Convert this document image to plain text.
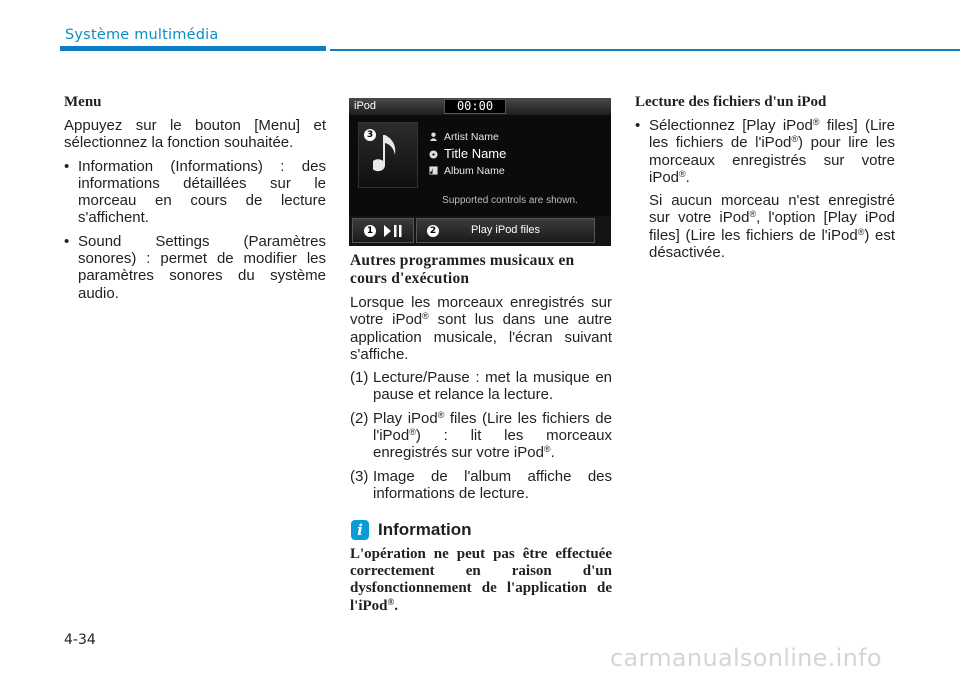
Système multimédia
Menu

Appuyez sur le bouton [Menu] et sélectionnez la fonction souhaitée.

• Information (Informations) : des informations détaillées sur le morceau en cours de lecture s'affichent.
• Sound Settings (Paramètres sonores) : permet de modifier les paramètres sonores du système audio.
iPod	00:00
3	Artist Name
Title Name
Album Name
Supported controls are shown.
1	2	Play iPod files
Autres programmes musicaux en cours d'exécution

Lorsque les morceaux enregistrés sur votre iPod® sont lus dans une autre application musicale, l'écran suivant s'affiche.

(1) Lecture/Pause : met la musique en pause et relance la lecture.
(2) Play iPod® files (Lire les fichiers de l'iPod®) : lit les morceaux enregistrés sur votre iPod®.
(3) Image de l'album affiche des informations de lecture.
i Information
L'opération ne peut pas être effectuée correctement en raison d'un dysfonctionnement de l'application de l'iPod®.
Lecture des fichiers d'un iPod
• Sélectionnez [Play iPod® files] (Lire les fichiers de l'iPod®) pour lire les morceaux enregistrés sur votre iPod®.

Si aucun morceau n'est enregistré sur votre iPod®, l'option [Play iPod files] (Lire les fichiers de l'iPod®) est désactivée.

4-34
carmanualsonline.info
